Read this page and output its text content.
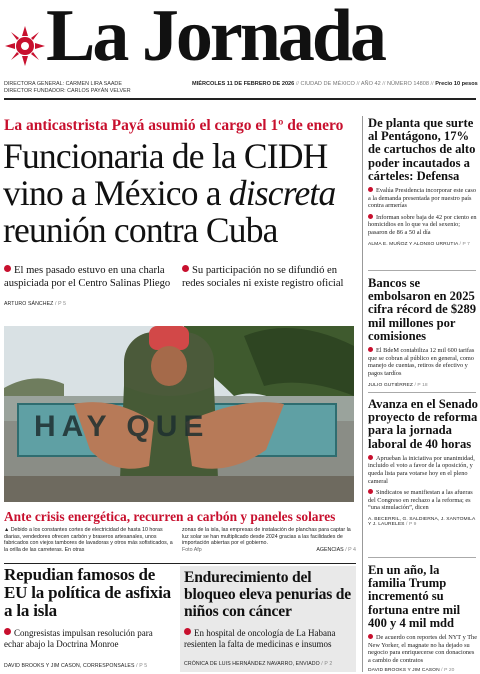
La Jornada
DIRECTORA GENERAL: CARMEN LIRA SAADE
DIRECTOR FUNDADOR: CARLOS PAYÁN VELVER
MIÉRCOLES 11 DE FEBRERO DE 2026 // CIUDAD DE MÉXICO // AÑO 42 // NÚMERO 14808 // Precio 10 pesos
La anticastrista Payá asumió el cargo el 1º de enero
Funcionaria de la CIDH
vino a México a discreta
reunión contra Cuba
El mes pasado estuvo en una charla auspiciada por el Centro Salinas Pliego
Su participación no se difundió en redes sociales ni existe registro oficial
ARTURO SÁNCHEZ / P 5
HAY QUE
Ante crisis energética, recurren a carbón y paneles solares
▲ Debido a los constantes cortes de electricidad de hasta 10 horas diarias, vendedores ofrecen carbón y braseros artesanales, unos fabricados con viejos tambores de lavadoras y otros más sofisticados, a la orilla de las carreteras. En otras
zonas de la isla, las empresas de instalación de planchas para captar la luz solar se han multiplicado desde 2024 gracias a las facilidades de importación abiertas por el gobierno.
Foto Afp	AGENCIAS / P 4
Repudian famosos de EU la política de asfixia a la isla
Congresistas impulsan resolución para echar abajo la Doctrina Monroe
DAVID BROOKS Y JIM CASON, CORRESPONSALES / P 5
Endurecimiento del bloqueo eleva penurias de niños con cáncer
En hospital de oncología de La Habana resienten la falta de medicinas e insumos
CRÓNICA DE LUIS HERNÁNDEZ NAVARRO, ENVIADO / P 2
De planta que surte al Pentágono, 17% de cartuchos de alto poder incautados a cárteles: Defensa
Evalúa Presidencia incorporar este caso a la demanda presentada por nuestro país contra armerías
Informan sobre baja de 42 por ciento en homicidios en lo que va del sexenio; pasaron de 86 a 50 al día
ALMA E. MUÑOZ Y ALONSO URRUTIA / P 7
Bancos se embolsaron en 2025 cifra récord de $289 mil millones por comisiones
El BdeM contabiliza 12 mil 600 tarifas que se cobran al público en general, como manejo de cuentas, retiros de efectivo y pagos tardíos
JULIO GUTIÉRREZ / P 18
Avanza en el Senado proyecto de reforma para la jornada laboral de 40 horas
Aprueban la iniciativa por unanimidad, incluido el voto a favor de la oposición, y queda lista para votarse hoy en el pleno cameral
Sindicatos se manifiestan a las afueras del Congreso en rechazo a la reforma; es “una simulación”, dicen
A. BECERRIL, G. SALDIERNA, J. XANTOMILA Y J. LAURELES / P 9
En un año, la familia Trump incrementó su fortuna entre mil 400 y 4 mil mdd
De acuerdo con reportes del NYT y The New Yorker, el magnate no ha dejado su negocio para enriquecerse con donaciones a cambio de contratos
DAVID BROOKS Y JIM CASON / P 20
